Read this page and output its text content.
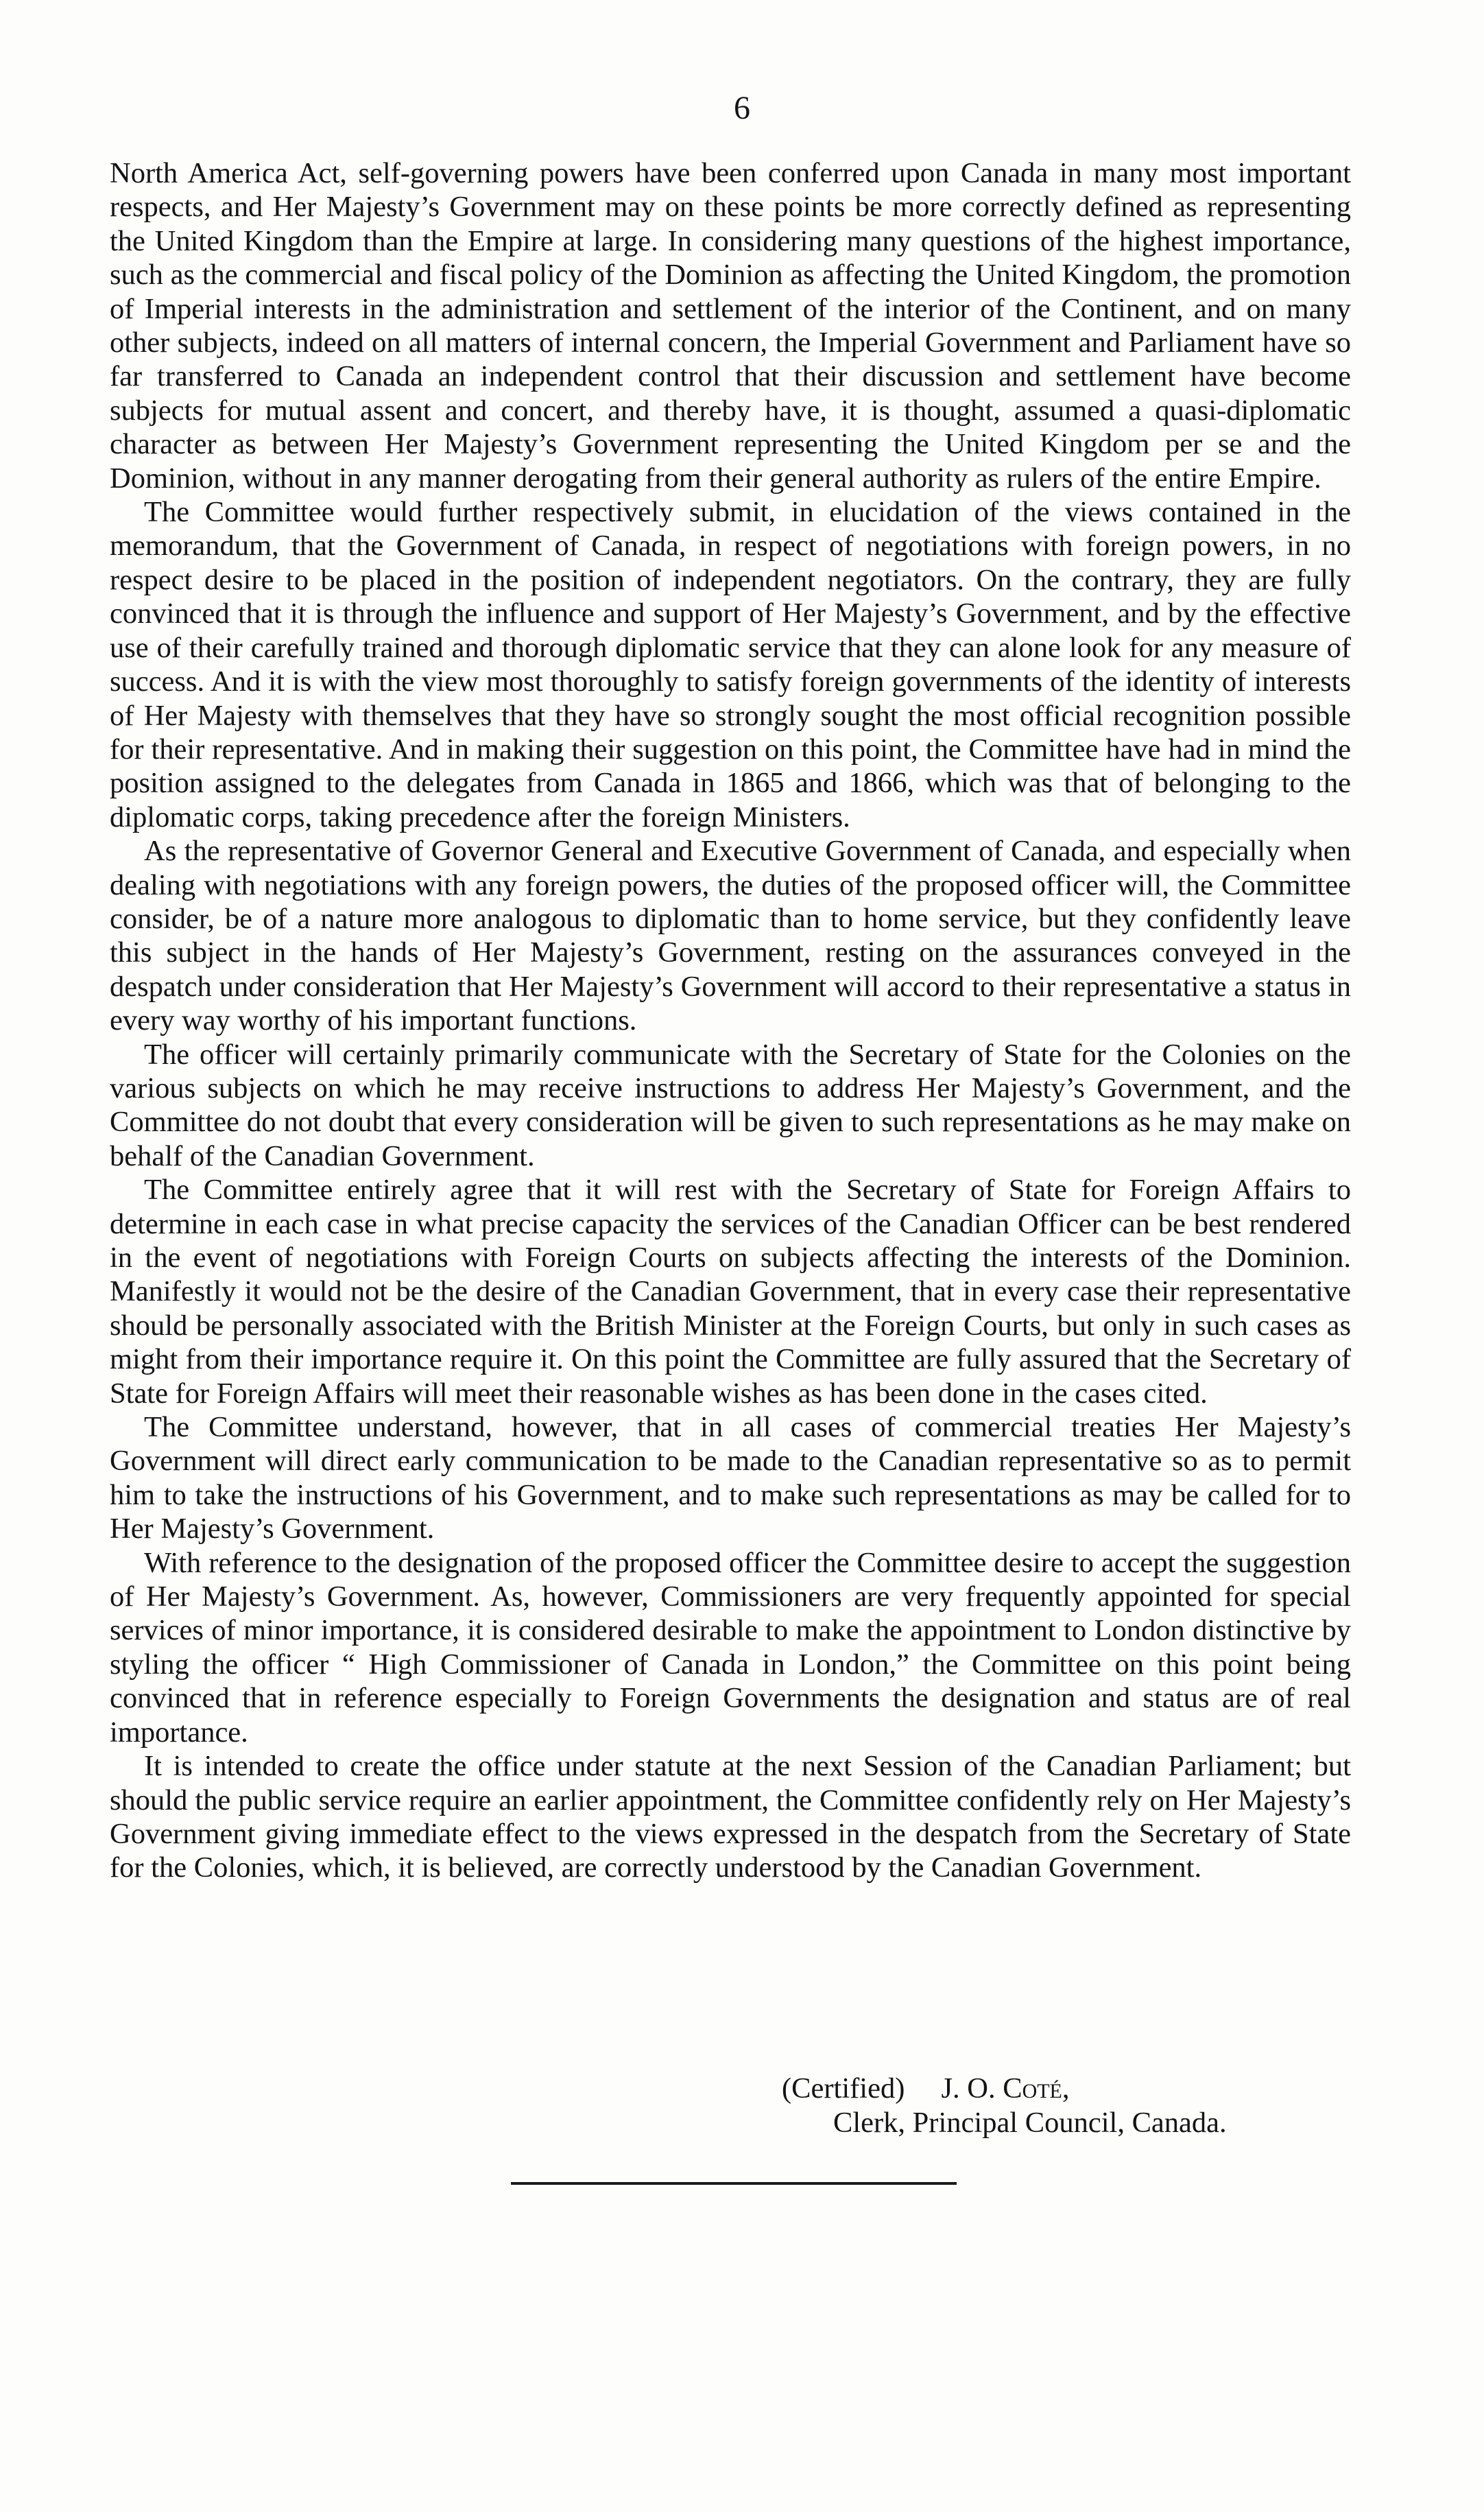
6

North America Act, self-governing powers have been conferred upon Canada in many most important respects, and Her Majesty’s Government may on these points be more correctly defined as representing the United Kingdom than the Empire at large. In considering many questions of the highest importance, such as the commercial and fiscal policy of the Dominion as affecting the United Kingdom, the promotion of Imperial interests in the administration and settlement of the interior of the Continent, and on many other subjects, indeed on all matters of internal concern, the Imperial Government and Parliament have so far transferred to Canada an independent control that their discussion and settlement have become subjects for mutual assent and concert, and thereby have, it is thought, assumed a quasi-diplomatic character as between Her Majesty’s Government representing the United Kingdom per se and the Dominion, without in any manner derogating from their general authority as rulers of the entire Empire.

The Committee would further respectively submit, in elucidation of the views contained in the memorandum, that the Government of Canada, in respect of negotiations with foreign powers, in no respect desire to be placed in the position of independent negotiators. On the contrary, they are fully convinced that it is through the influence and support of Her Majesty’s Government, and by the effective use of their carefully trained and thorough diplomatic service that they can alone look for any measure of success. And it is with the view most thoroughly to satisfy foreign governments of the identity of interests of Her Majesty with themselves that they have so strongly sought the most official recognition possible for their representative. And in making their suggestion on this point, the Committee have had in mind the position assigned to the delegates from Canada in 1865 and 1866, which was that of belonging to the diplomatic corps, taking precedence after the foreign Ministers.

As the representative of Governor General and Executive Government of Canada, and especially when dealing with negotiations with any foreign powers, the duties of the proposed officer will, the Committee consider, be of a nature more analogous to diplomatic than to home service, but they confidently leave this subject in the hands of Her Majesty’s Government, resting on the assurances conveyed in the despatch under consideration that Her Majesty’s Government will accord to their representative a status in every way worthy of his important functions.

The officer will certainly primarily communicate with the Secretary of State for the Colonies on the various subjects on which he may receive instructions to address Her Majesty’s Government, and the Committee do not doubt that every consideration will be given to such representations as he may make on behalf of the Canadian Government.

The Committee entirely agree that it will rest with the Secretary of State for Foreign Affairs to determine in each case in what precise capacity the services of the Canadian Officer can be best rendered in the event of negotiations with Foreign Courts on subjects affecting the interests of the Dominion. Manifestly it would not be the desire of the Canadian Government, that in every case their representative should be personally associated with the British Minister at the Foreign Courts, but only in such cases as might from their importance require it. On this point the Committee are fully assured that the Secretary of State for Foreign Affairs will meet their reasonable wishes as has been done in the cases cited.

The Committee understand, however, that in all cases of commercial treaties Her Majesty’s Government will direct early communication to be made to the Canadian representative so as to permit him to take the instructions of his Government, and to make such representations as may be called for to Her Majesty’s Government.

With reference to the designation of the proposed officer the Committee desire to accept the suggestion of Her Majesty’s Government. As, however, Commissioners are very frequently appointed for special services of minor importance, it is considered desirable to make the appointment to London distinctive by styling the officer “ High Commissioner of Canada in London,” the Committee on this point being convinced that in reference especially to Foreign Governments the designation and status are of real importance.

It is intended to create the office under statute at the next Session of the Canadian Parliament; but should the public service require an earlier appointment, the Committee confidently rely on Her Majesty’s Government giving immediate effect to the views expressed in the despatch from the Secretary of State for the Colonies, which, it is believed, are correctly understood by the Canadian Government.

(Certified) J. O. Coté,
Clerk, Principal Council, Canada.
